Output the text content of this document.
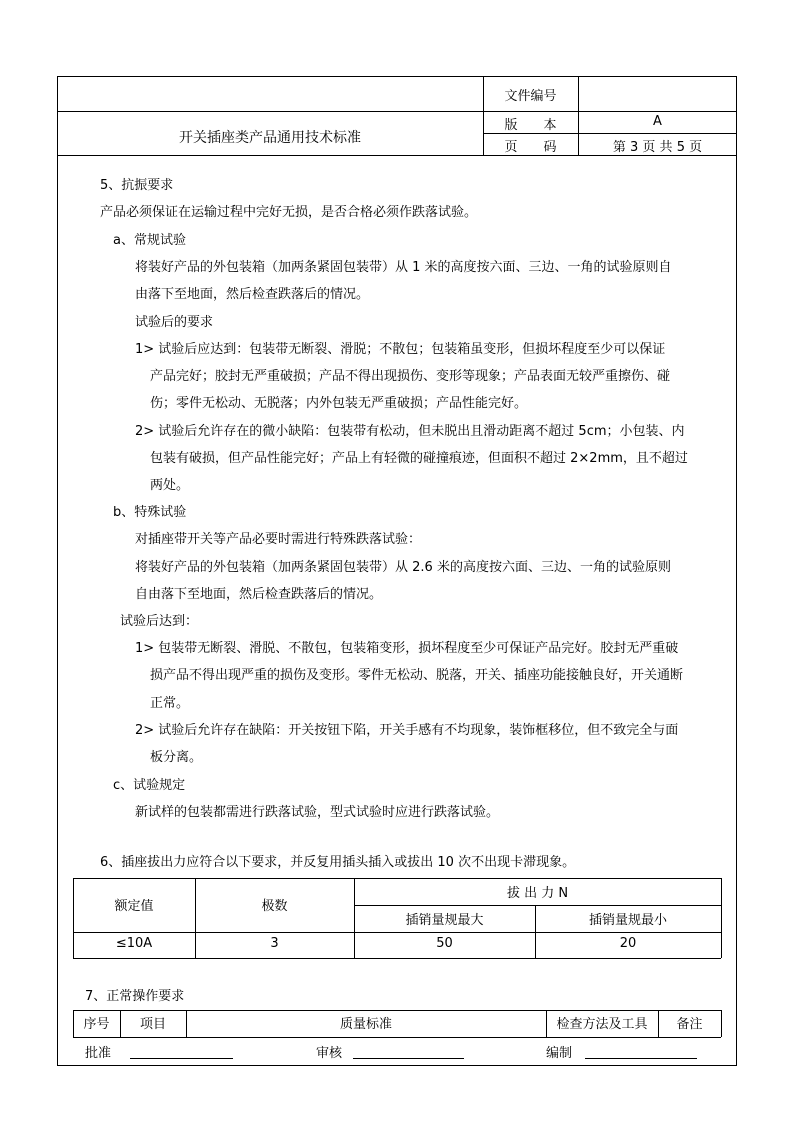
开关插座类产品通用技术标准
文件编号
版　　本	A
页　　码	第 3 页 共 5 页
5、抗振要求
产品必须保证在运输过程中完好无损，是否合格必须作跌落试验。
a、常规试验
将装好产品的外包装箱（加两条紧固包装带）从 1 米的高度按六面、三边、一角的试验原则自
由落下至地面，然后检查跌落后的情况。
试验后的要求
1> 试验后应达到：包装带无断裂、滑脱；不散包；包装箱虽变形，但损坏程度至少可以保证
产品完好；胶封无严重破损；产品不得出现损伤、变形等现象；产品表面无较严重擦伤、碰
伤；零件无松动、无脱落；内外包装无严重破损；产品性能完好。
2> 试验后允许存在的微小缺陷：包装带有松动，但未脱出且滑动距离不超过 5cm；小包装、内
包装有破损，但产品性能完好；产品上有轻微的碰撞痕迹，但面积不超过 2×2mm，且不超过
两处。
b、特殊试验
对插座带开关等产品必要时需进行特殊跌落试验：
将装好产品的外包装箱（加两条紧固包装带）从 2.6 米的高度按六面、三边、一角的试验原则
自由落下至地面，然后检查跌落后的情况。
试验后达到：
1> 包装带无断裂、滑脱、不散包，包装箱变形，损坏程度至少可保证产品完好。胶封无严重破
损产品不得出现严重的损伤及变形。零件无松动、脱落，开关、插座功能接触良好，开关通断
正常。
2> 试验后允许存在缺陷：开关按钮下陷，开关手感有不均现象，装饰框移位，但不致完全与面
板分离。
c、试验规定
新试样的包装都需进行跌落试验，型式试验时应进行跌落试验。
6、插座拔出力应符合以下要求，并反复用插头插入或拔出 10 次不出现卡滞现象。
额定值	极数
拔 出 力 N
插销量规最大	插销量规最小
≤10A	3	50	20
7、正常操作要求
序号	项目	质量标准	检查方法及工具	备注
批准	审核	编制
